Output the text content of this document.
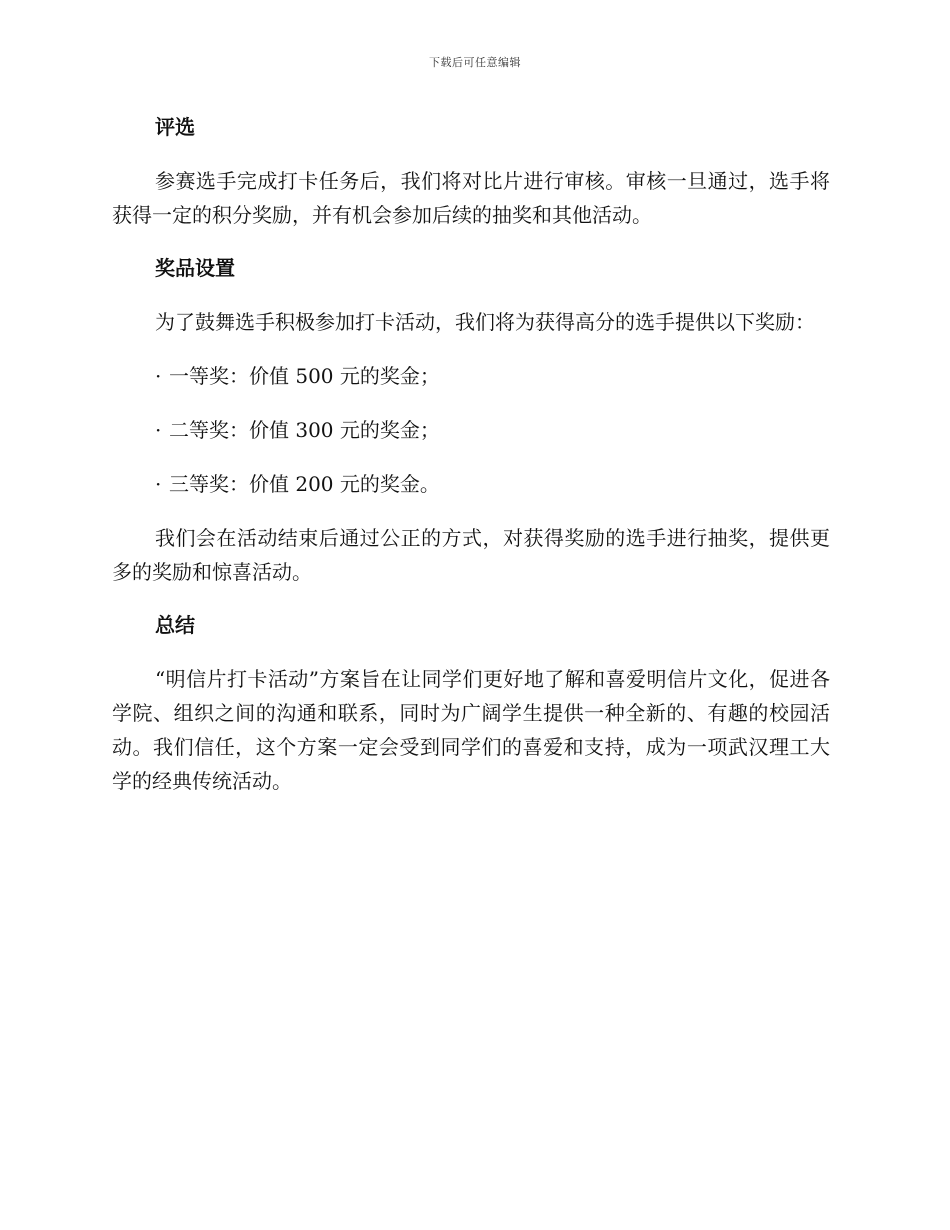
下载后可任意编辑
评选

参赛选手完成打卡任务后，我们将对比片进行审核。审核一旦通过，选手将获得一定的积分奖励，并有机会参加后续的抽奖和其他活动。

奖品设置

为了鼓舞选手积极参加打卡活动，我们将为获得高分的选手提供以下奖励：

· 一等奖：价值 500 元的奖金；

· 二等奖：价值 300 元的奖金；

· 三等奖：价值 200 元的奖金。

我们会在活动结束后通过公正的方式，对获得奖励的选手进行抽奖，提供更多的奖励和惊喜活动。

总结

“明信片打卡活动”方案旨在让同学们更好地了解和喜爱明信片文化，促进各学院、组织之间的沟通和联系，同时为广阔学生提供一种全新的、有趣的校园活动。我们信任，这个方案一定会受到同学们的喜爱和支持，成为一项武汉理工大学的经典传统活动。
